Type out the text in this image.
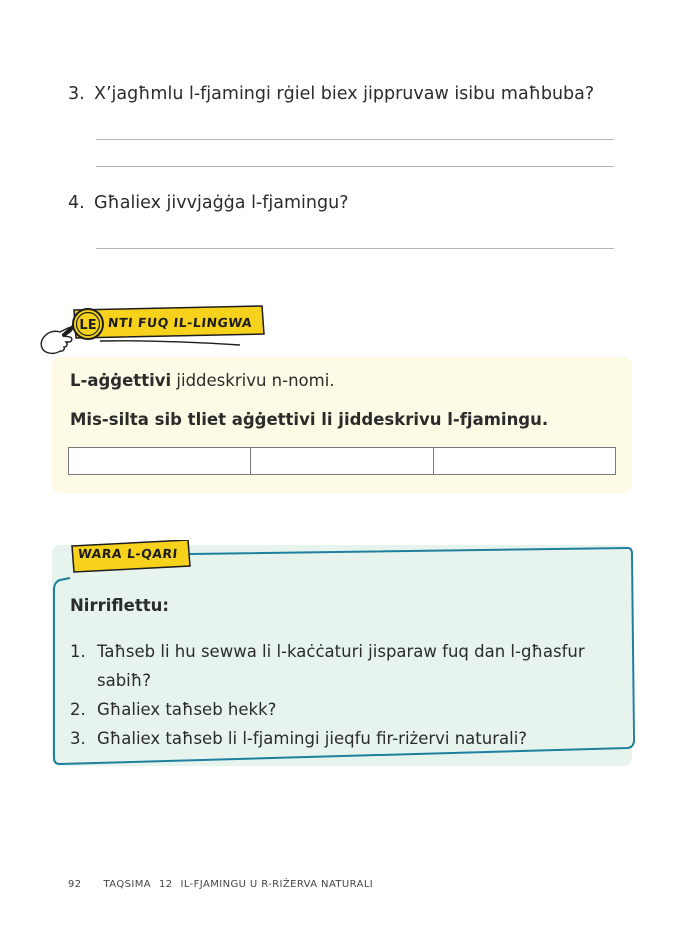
3. X’jagħmlu l-fjamingi rġiel biex jippruvaw isibu maħbuba?
4. Għaliex jivvjaġġa l-fjamingu?
LE NTI FUQ IL-LINGWA
L-aġġettivi jiddeskrivu n-nomi.
Mis-silta sib tliet aġġettivi li jiddeskrivu l-fjamingu.
WARA L-QARI
Nirriflettu:
1. Taħseb li hu sewwa li l-kaċċaturi jisparaw fuq dan l-għasfur sabiħ?
2. Għaliex taħseb hekk?
3. Għaliex taħseb li l-fjamingi jieqfu fir-riżervi naturali?
92 TAQSIMA 12 IL-FJAMINGU U R-RIŻERVA NATURALI
